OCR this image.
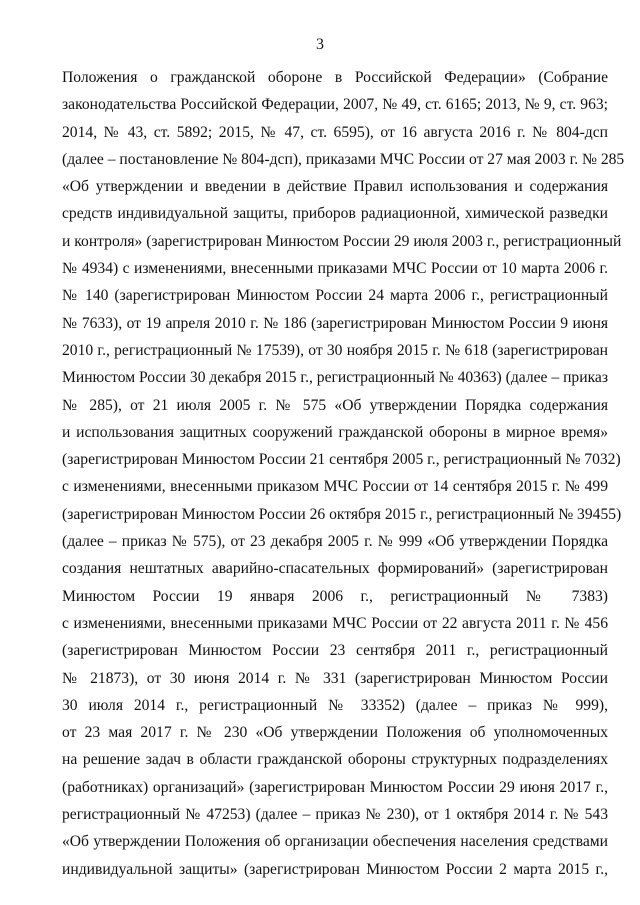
3
Положения о гражданской обороне в Российской Федерации» (Собрание
законодательства Российской Федерации, 2007, № 49, ст. 6165; 2013, № 9, ст. 963;
2014, № 43, ст. 5892; 2015, № 47, ст. 6595), от 16 августа 2016 г. № 804-дсп
(далее – постановление № 804-дсп), приказами МЧС России от 27 мая 2003 г. № 285
«Об утверждении и введении в действие Правил использования и содержания
средств индивидуальной защиты, приборов радиационной, химической разведки
и контроля» (зарегистрирован Минюстом России 29 июля 2003 г., регистрационный
№ 4934) с изменениями, внесенными приказами МЧС России от 10 марта 2006 г.
№ 140 (зарегистрирован Минюстом России 24 марта 2006 г., регистрационный
№ 7633), от 19 апреля 2010 г. № 186 (зарегистрирован Минюстом России 9 июня
2010 г., регистрационный № 17539), от 30 ноября 2015 г. № 618 (зарегистрирован
Минюстом России 30 декабря 2015 г., регистрационный № 40363) (далее – приказ
№ 285), от 21 июля 2005 г. № 575 «Об утверждении Порядка содержания
и использования защитных сооружений гражданской обороны в мирное время»
(зарегистрирован Минюстом России 21 сентября 2005 г., регистрационный № 7032)
с изменениями, внесенными приказом МЧС России от 14 сентября 2015 г. № 499
(зарегистрирован Минюстом России 26 октября 2015 г., регистрационный № 39455)
(далее – приказ № 575), от 23 декабря 2005 г. № 999 «Об утверждении Порядка
создания нештатных аварийно-спасательных формирований» (зарегистрирован
Минюстом России 19 января 2006 г., регистрационный № 7383)
с изменениями, внесенными приказами МЧС России от 22 августа 2011 г. № 456
(зарегистрирован Минюстом России 23 сентября 2011 г., регистрационный
№ 21873), от 30 июня 2014 г. № 331 (зарегистрирован Минюстом России
30 июля 2014 г., регистрационный № 33352) (далее – приказ № 999),
от 23 мая 2017 г. № 230 «Об утверждении Положения об уполномоченных
на решение задач в области гражданской обороны структурных подразделениях
(работниках) организаций» (зарегистрирован Минюстом России 29 июня 2017 г.,
регистрационный № 47253) (далее – приказ № 230), от 1 октября 2014 г. № 543
«Об утверждении Положения об организации обеспечения населения средствами
индивидуальной защиты» (зарегистрирован Минюстом России 2 марта 2015 г.,
